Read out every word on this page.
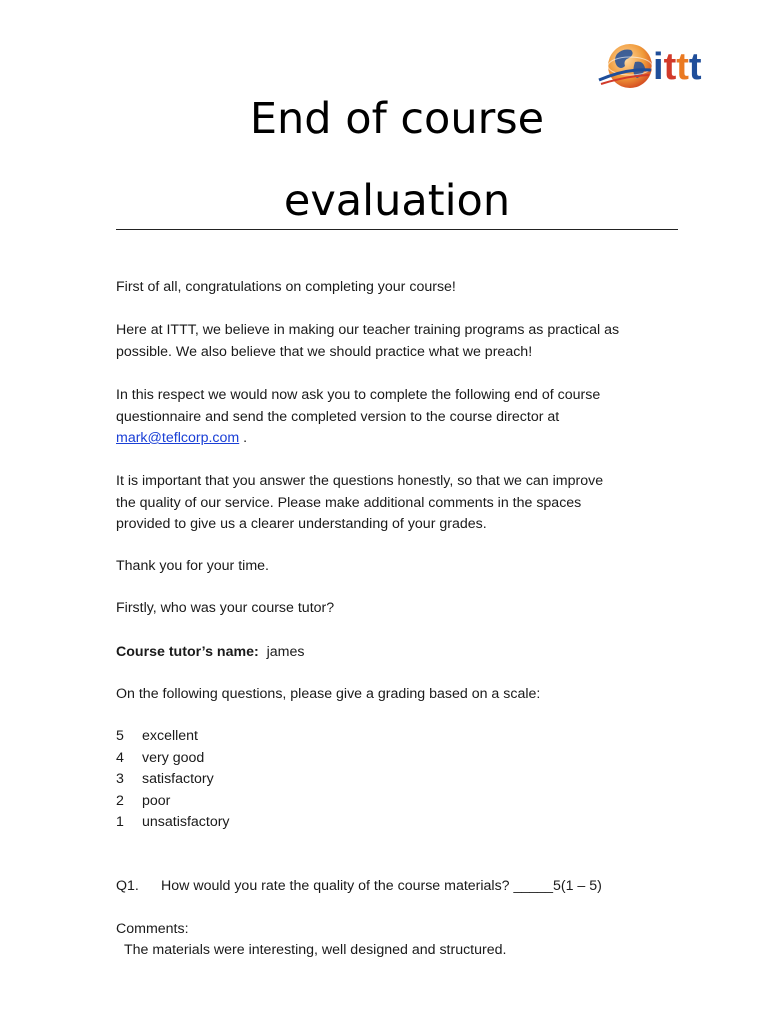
ittt
End of course
evaluation

First of all, congratulations on completing your course!

Here at ITTT, we believe in making our teacher training programs as practical as
possible. We also believe that we should practice what we preach!
In this respect we would now ask you to complete the following end of course
questionnaire and send the completed version to the course director at
mark@teflcorp.com .
It is important that you answer the questions honestly, so that we can improve
the quality of our service. Please make additional comments in the spaces
provided to give us a clearer understanding of your grades.

Thank you for your time.

Firstly, who was your course tutor?

Course tutor’s name: james

On the following questions, please give a grading based on a scale:

5 excellent
4 very good
3 satisfactory
2 poor
1 unsatisfactory

Q1. How would you rate the quality of the course materials? _____5(1 – 5)

Comments:

The materials were interesting, well designed and structured.
